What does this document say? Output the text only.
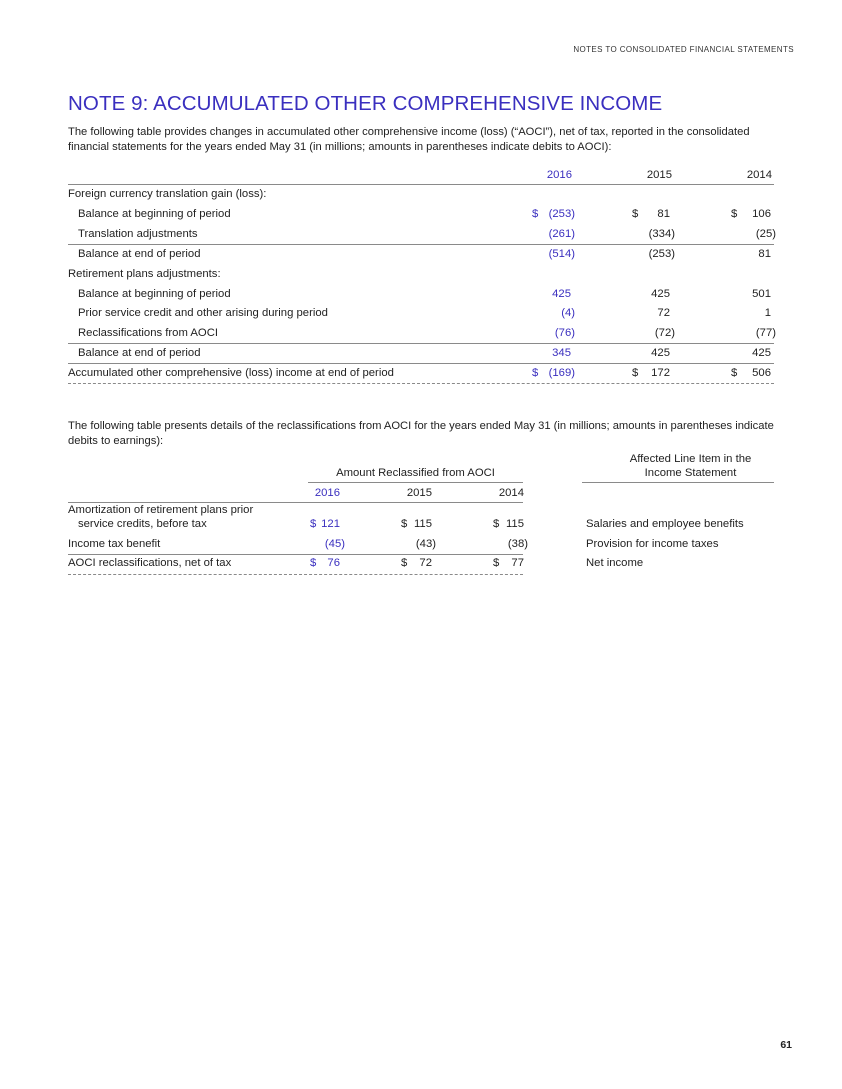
NOTES TO CONSOLIDATED FINANCIAL STATEMENTS
NOTE 9: ACCUMULATED OTHER COMPREHENSIVE INCOME
The following table provides changes in accumulated other comprehensive income (loss) (“AOCI”), net of tax, reported in the consolidated financial statements for the years ended May 31 (in millions; amounts in parentheses indicate debits to AOCI):
2016	2015	2014
Foreign currency translation gain (loss):
Balance at beginning of period	$ (253)	$	81	$	106
Translation adjustments	(261)	(334)	(25)
Balance at end of period	(514)	(253)	81
Retirement plans adjustments:
Balance at beginning of period	425	425	501
Prior service credit and other arising during period	(4)	72	1
Reclassifications from AOCI	(76)	(72)	(77)
Balance at end of period	345	425	425
Accumulated other comprehensive (loss) income at end of period	$ (169)	$	172	$	506
The following table presents details of the reclassifications from AOCI for the years ended May 31 (in millions; amounts in parentheses indicate debits to earnings):
Affected Line Item in the
Income Statement
Amount Reclassified from AOCI
2016	2015	2014
Amortization of retirement plans prior
service credits, before tax	$ 121	$ 115	$ 115	Salaries and employee benefits
Income tax benefit	(45)	(43)	(38)	Provision for income taxes
AOCI reclassifications, net of tax	$ 76	$	72	$	77	Net income
61
